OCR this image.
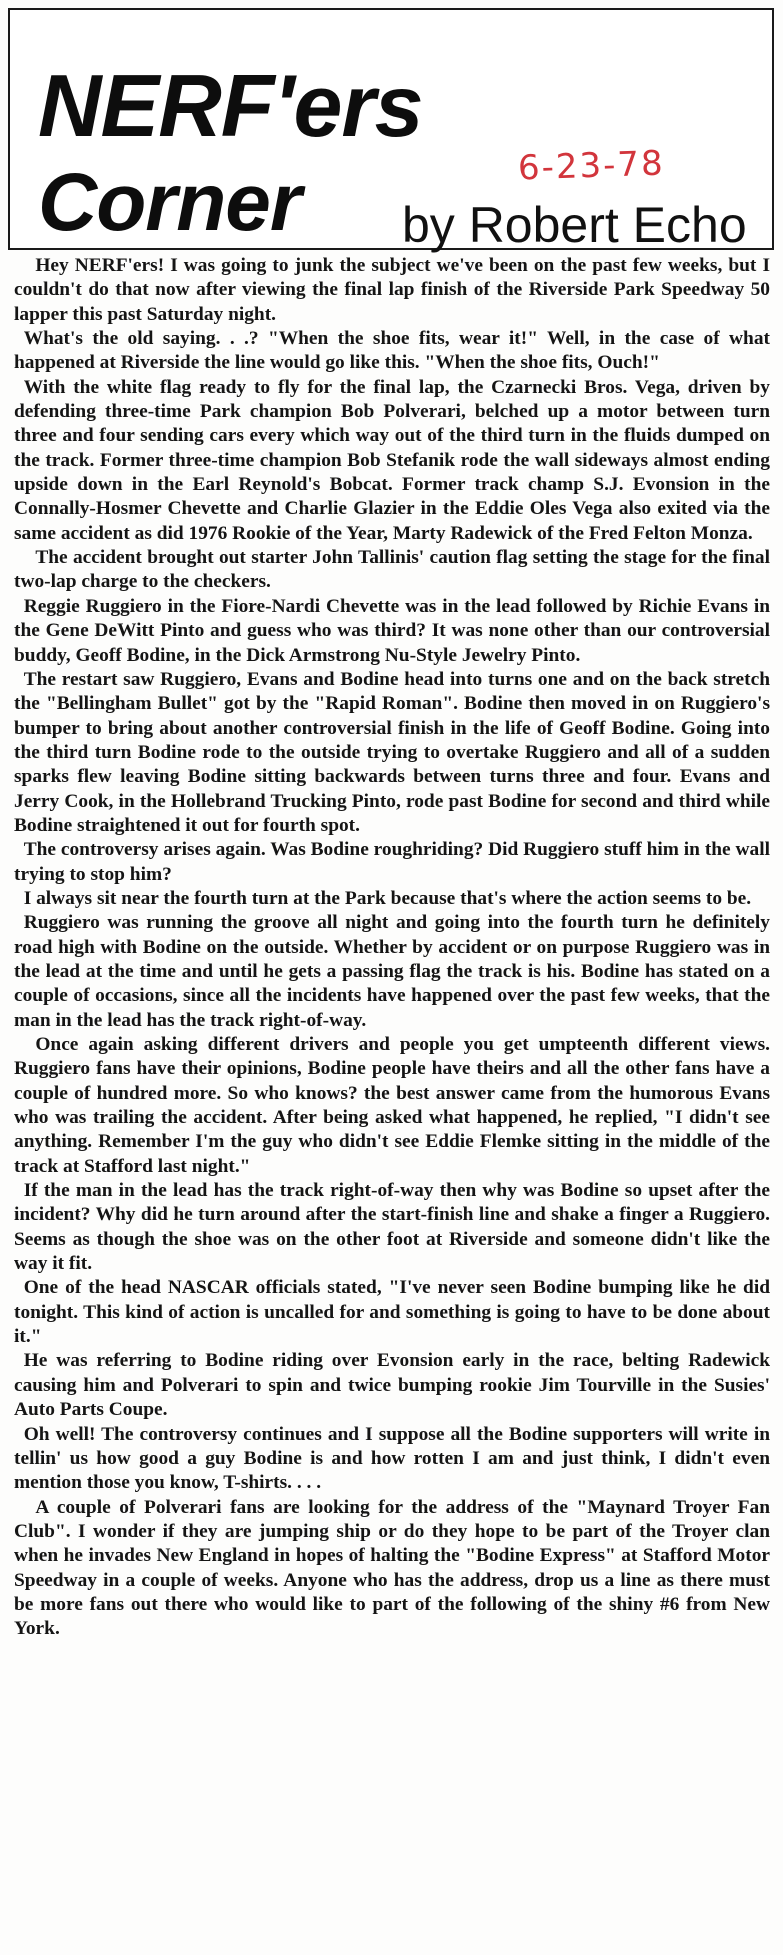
NERF'ers
Corner	6-23-78
by Robert Echo

Hey NERF'ers! I was going to junk the subject we've been on the past few weeks, but I couldn't do that now after viewing the final lap finish of the Riverside Park Speedway 50 lapper this past Saturday night.

What's the old saying. . .? "When the shoe fits, wear it!" Well, in the case of what happened at Riverside the line would go like this. "When the shoe fits, Ouch!"

With the white flag ready to fly for the final lap, the Czarnecki Bros. Vega, driven by defending three-time Park champion Bob Polverari, belched up a motor between turn three and four sending cars every which way out of the third turn in the fluids dumped on the track. Former three-time champion Bob Stefanik rode the wall sideways almost ending upside down in the Earl Reynold's Bobcat. Former track champ S.J. Evonsion in the Connally-Hosmer Chevette and Charlie Glazier in the Eddie Oles Vega also exited via the same accident as did 1976 Rookie of the Year, Marty Radewick of the Fred Felton Monza.

The accident brought out starter John Tallinis' caution flag setting the stage for the final two-lap charge to the checkers.

Reggie Ruggiero in the Fiore-Nardi Chevette was in the lead followed by Richie Evans in the Gene DeWitt Pinto and guess who was third? It was none other than our controversial buddy, Geoff Bodine, in the Dick Armstrong Nu-Style Jewelry Pinto.

The restart saw Ruggiero, Evans and Bodine head into turns one and on the back stretch the "Bellingham Bullet" got by the "Rapid Roman". Bodine then moved in on Ruggiero's bumper to bring about another controversial finish in the life of Geoff Bodine. Going into the third turn Bodine rode to the outside trying to overtake Ruggiero and all of a sudden sparks flew leaving Bodine sitting backwards between turns three and four. Evans and Jerry Cook, in the Hollebrand Trucking Pinto, rode past Bodine for second and third while Bodine straightened it out for fourth spot.

The controversy arises again. Was Bodine roughriding? Did Ruggiero stuff him in the wall trying to stop him?

I always sit near the fourth turn at the Park because that's where the action seems to be.

Ruggiero was running the groove all night and going into the fourth turn he definitely road high with Bodine on the outside. Whether by accident or on purpose Ruggiero was in the lead at the time and until he gets a passing flag the track is his. Bodine has stated on a couple of occasions, since all the incidents have happened over the past few weeks, that the man in the lead has the track right-of-way.

Once again asking different drivers and people you get umpteenth different views. Ruggiero fans have their opinions, Bodine people have theirs and all the other fans have a couple of hundred more. So who knows? the best answer came from the humorous Evans who was trailing the accident. After being asked what happened, he replied, "I didn't see anything. Remember I'm the guy who didn't see Eddie Flemke sitting in the middle of the track at Stafford last night."

If the man in the lead has the track right-of-way then why was Bodine so upset after the incident? Why did he turn around after the start-finish line and shake a finger a Ruggiero. Seems as though the shoe was on the other foot at Riverside and someone didn't like the way it fit.

One of the head NASCAR officials stated, "I've never seen Bodine bumping like he did tonight. This kind of action is uncalled for and something is going to have to be done about it."

He was referring to Bodine riding over Evonsion early in the race, belting Radewick causing him and Polverari to spin and twice bumping rookie Jim Tourville in the Susies' Auto Parts Coupe.

Oh well! The controversy continues and I suppose all the Bodine supporters will write in tellin' us how good a guy Bodine is and how rotten I am and just think, I didn't even mention those you know, T-shirts. . . .

A couple of Polverari fans are looking for the address of the "Maynard Troyer Fan Club". I wonder if they are jumping ship or do they hope to be part of the Troyer clan when he invades New England in hopes of halting the "Bodine Express" at Stafford Motor Speedway in a couple of weeks. Anyone who has the address, drop us a line as there must be more fans out there who would like to part of the following of the shiny #6 from New York.
